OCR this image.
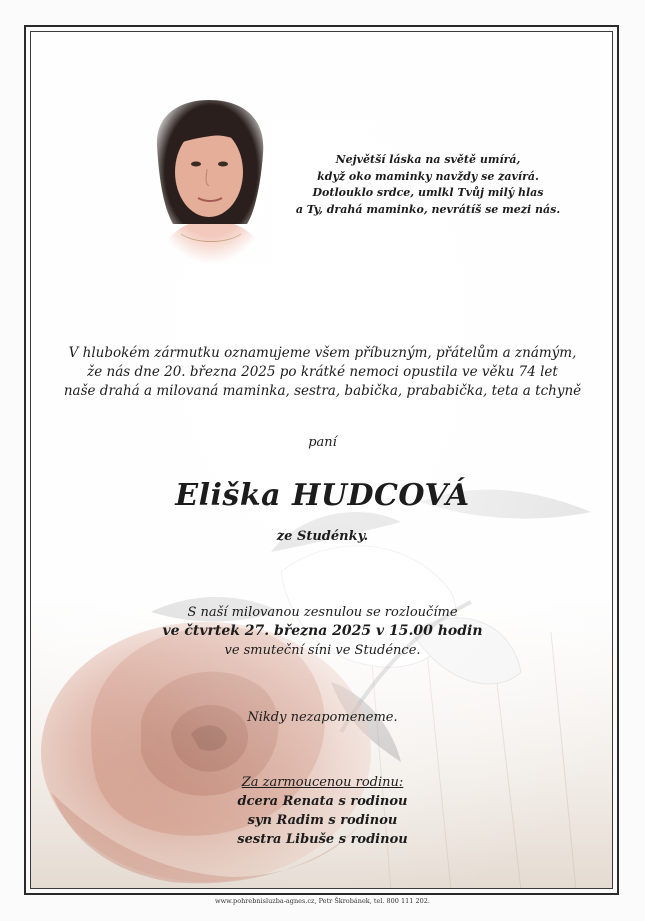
Největší láska na světě umírá,
když oko maminky navždy se zavírá.
Dotlouklo srdce, umlkl Tvůj milý hlas
a Ty, drahá maminko, nevrátíš se mezi nás.
V hlubokém zármutku oznamujeme všem příbuzným, přátelům a známým,
že nás dne 20. března 2025 po krátké nemoci opustila ve věku 74 let
naše drahá a milovaná maminka, sestra, babička, prababička, teta a tchyně
paní
Eliška HUDCOVÁ
ze Studénky.
S naší milovanou zesnulou se rozloučíme
ve čtvrtek 27. března 2025 v 15.00 hodin
ve smuteční síni ve Studénce.
Nikdy nezapomeneme.
Za zarmoucenou rodinu:
dcera Renata s rodinou
syn Radim s rodinou
sestra Libuše s rodinou
www.pohrebnisluzba-agnes.cz, Petr Škrobánek, tel. 800 111 202.
